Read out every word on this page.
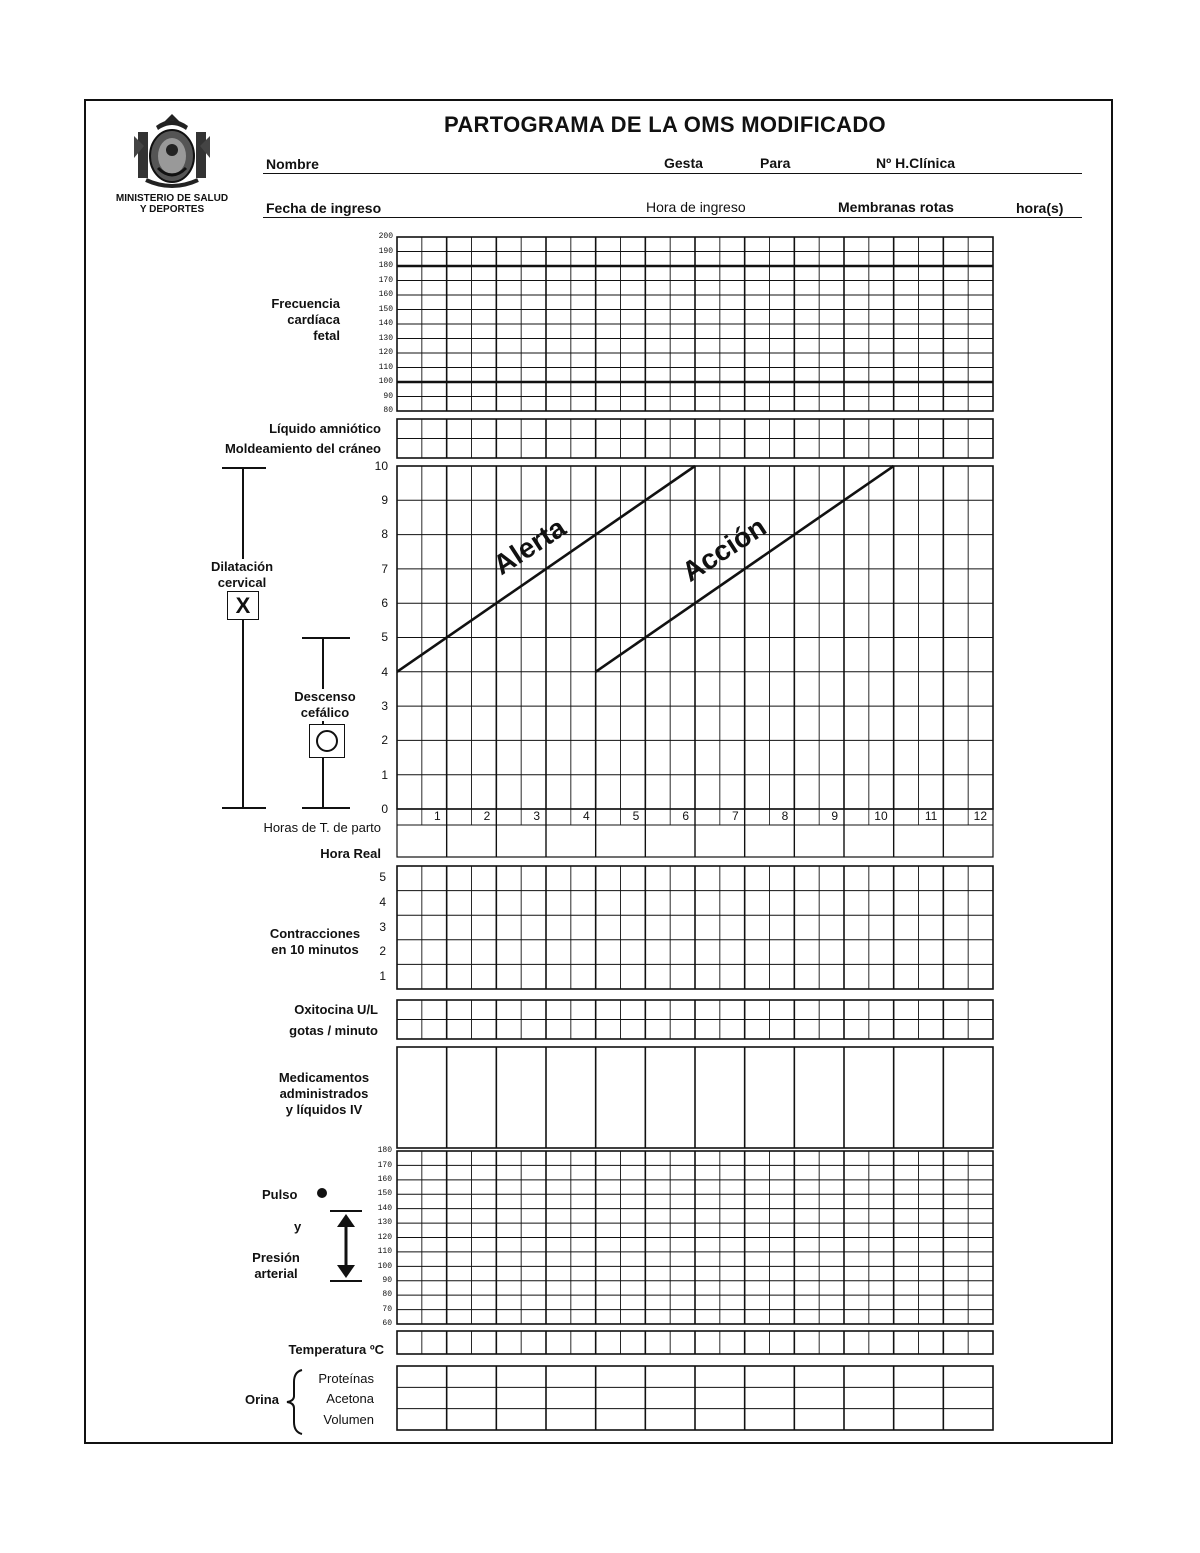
MINISTERIO DE SALUD
Y DEPORTES
PARTOGRAMA DE LA OMS MODIFICADO
Nombre	Gesta	Para	Nº H.Clínica
Fecha de ingreso	Hora de ingreso	Membranas rotas	hora(s)
Frecuencia
cardíaca
fetal
200
190
180
170
160
150
140
130
120
110
100
90
80
Líquido amniótico
Moldeamiento del cráneo
Dilatación
cervical
X
Descenso
cefálico
10
9
8
7
6
5
4
3
2
1
0
Horas de T. de parto
Hora Real
1	2	3	4	5	6	7	8	9	10	11	12
Contracciones
en 10 minutos
5
4
3
2
1
Oxitocina U/L
gotas / minuto
Medicamentos
administrados
y líquidos IV
Pulso
y
Presión
arterial
180
170
160
150
140
130
120
110
100
90
80
70
60
Temperatura ºC
Orina
Proteínas
Acetona
Volumen
Alerta	Acción
